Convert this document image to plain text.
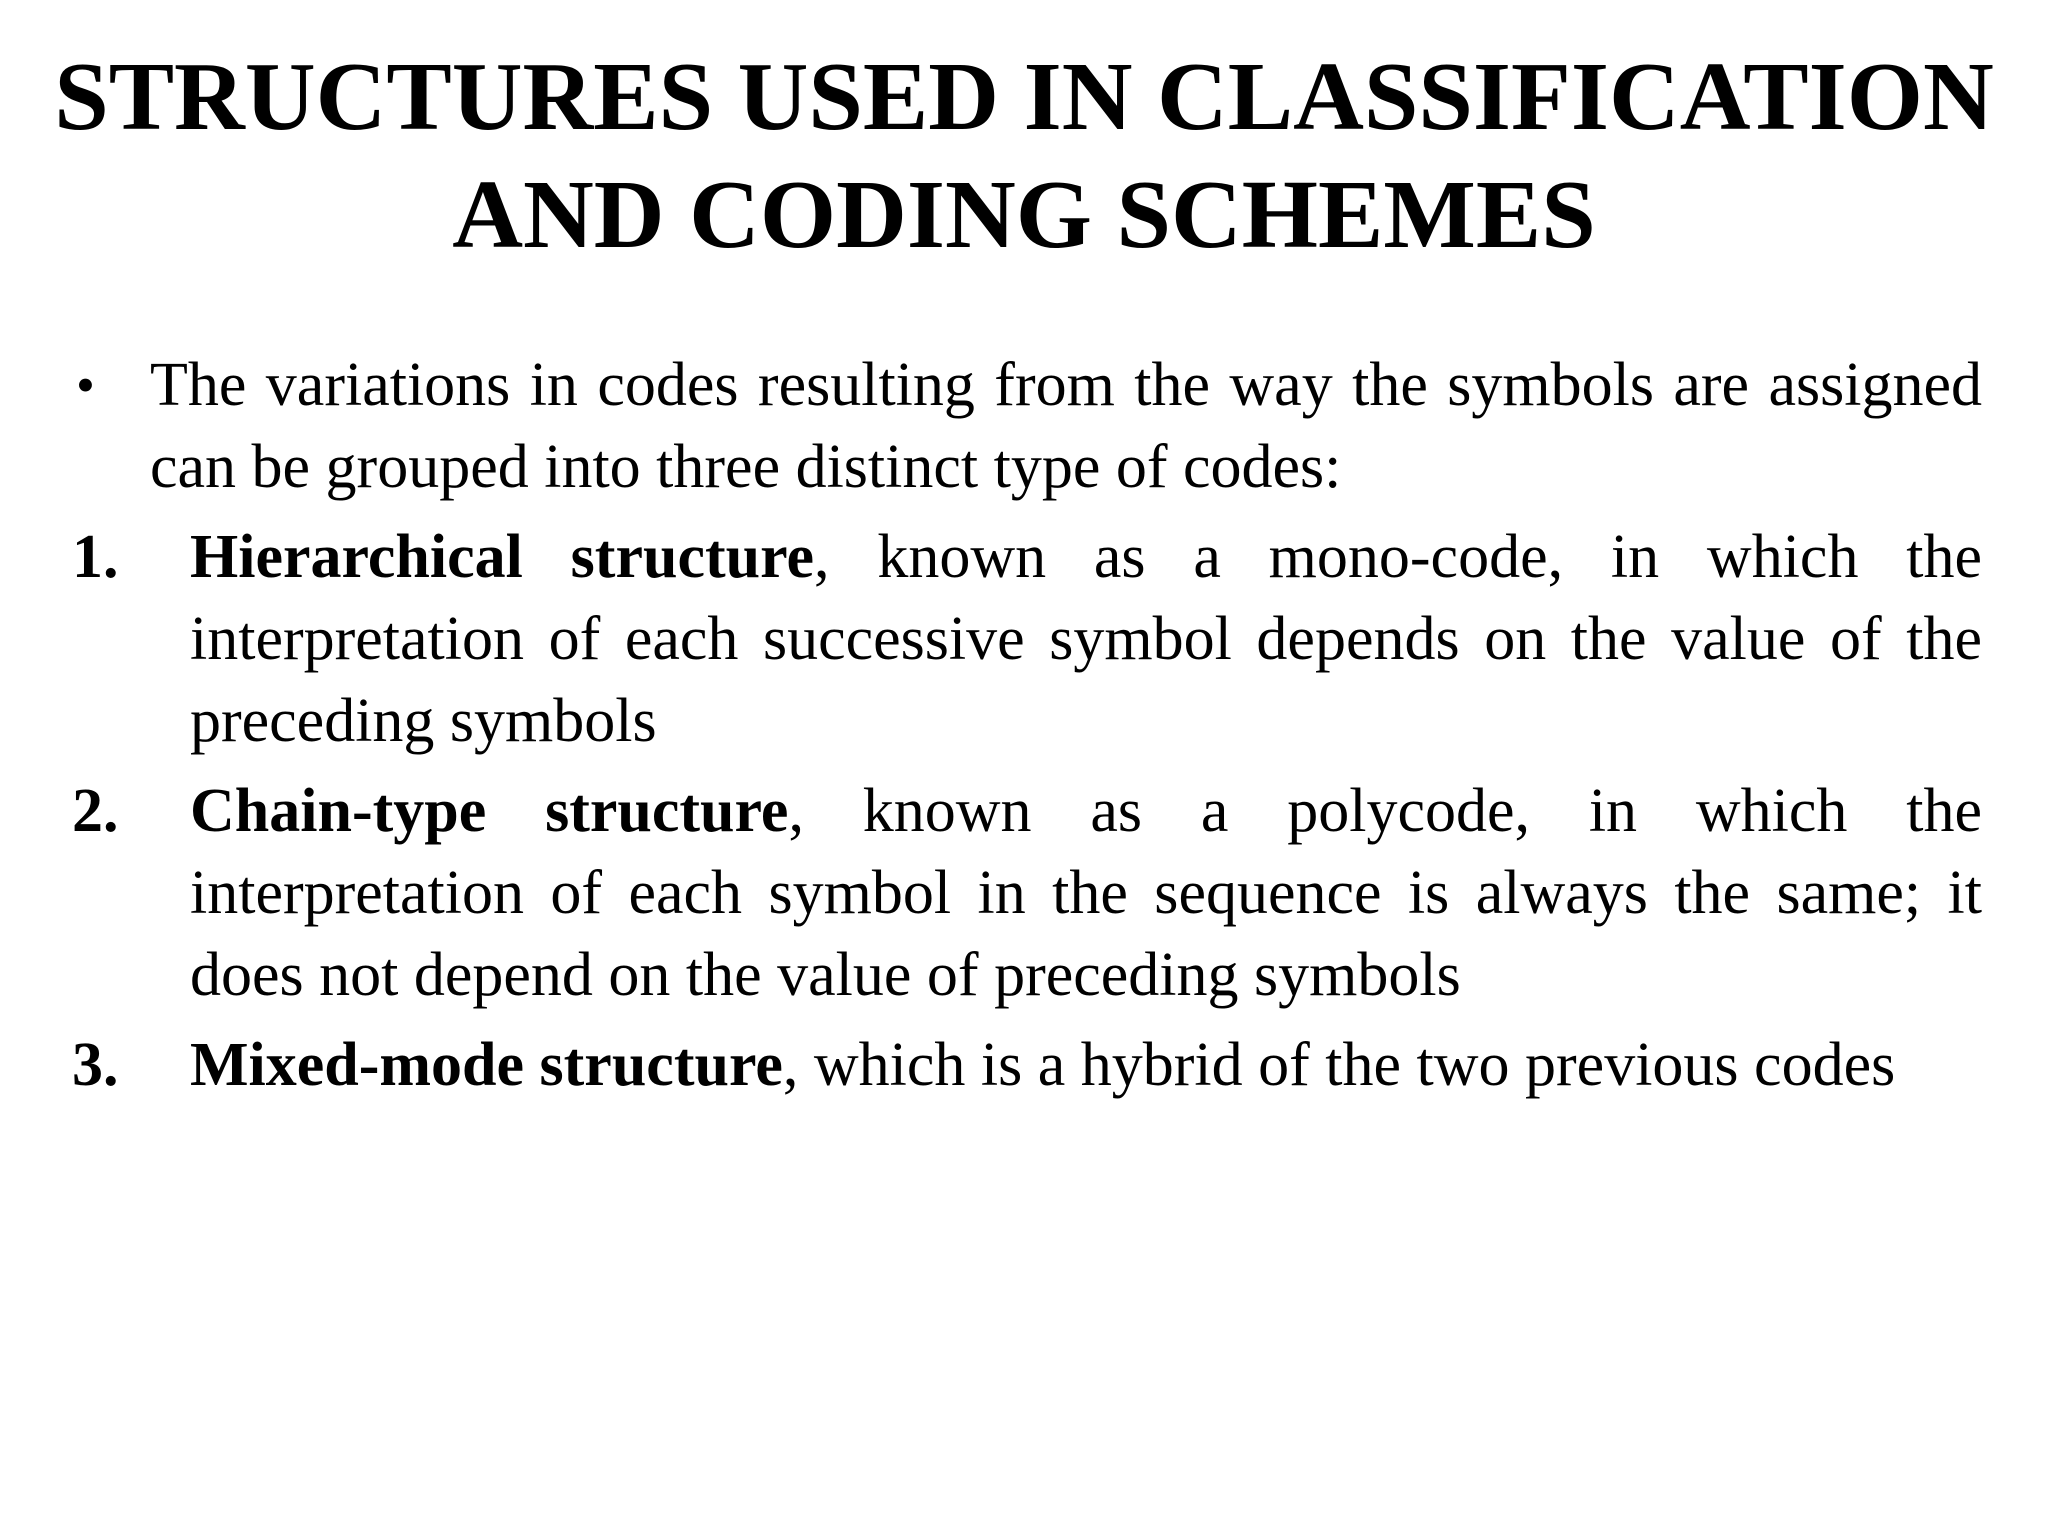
STRUCTURES USED IN CLASSIFICATION
AND CODING SCHEMES

• The variations in codes resulting from the way the symbols are assigned can be grouped into three distinct type of codes:

1. Hierarchical structure, known as a mono-code, in which the interpretation of each successive symbol depends on the value of the preceding symbols

2. Chain-type structure, known as a polycode, in which the interpretation of each symbol in the sequence is always the same; it does not depend on the value of preceding symbols

3. Mixed-mode structure, which is a hybrid of the two previous codes
